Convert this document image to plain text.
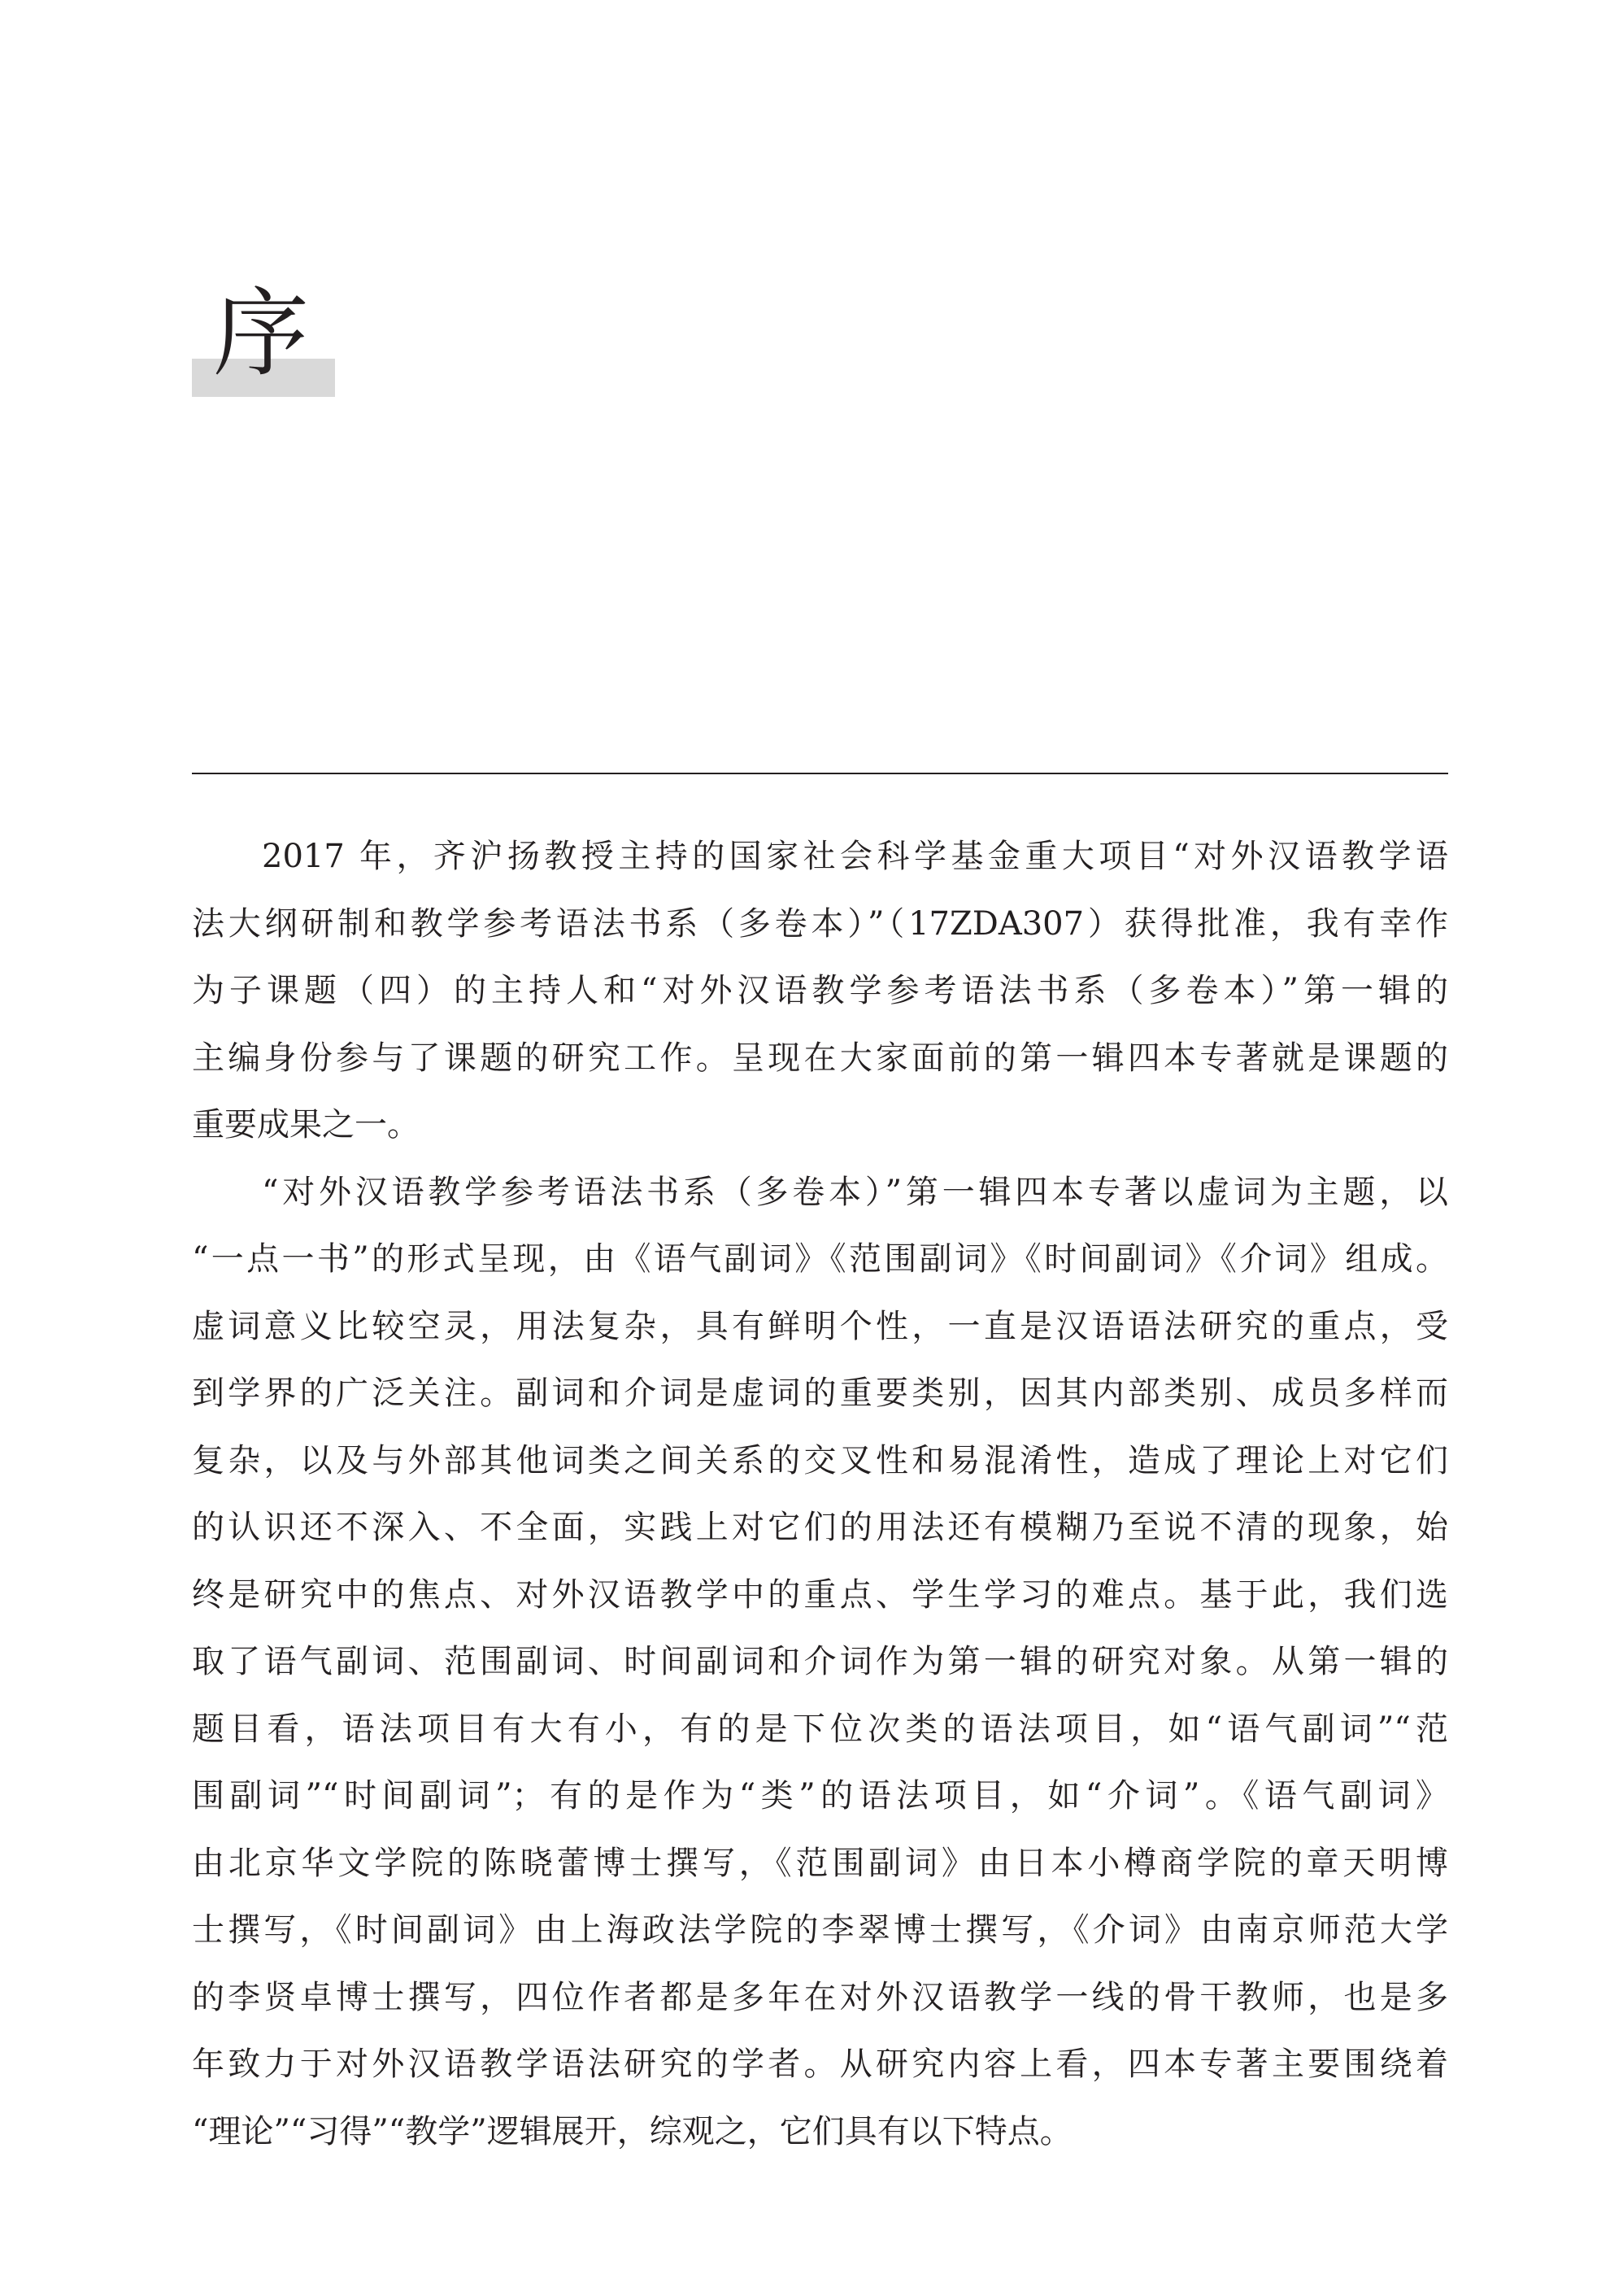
序
2017 年，齐沪扬教授主持的国家社会科学基金重大项目“对外汉语教学语
法大纲研制和教学参考语法书系（多卷本）”（17ZDA307）获得批准，我有幸作
为子课题（四）的主持人和“对外汉语教学参考语法书系（多卷本）”第一辑的
主编身份参与了课题的研究工作。呈现在大家面前的第一辑四本专著就是课题的
重要成果之一。
“对外汉语教学参考语法书系（多卷本）”第一辑四本专著以虚词为主题，以
“一点一书”的形式呈现，由《语气副词》《范围副词》《时间副词》《介词》组成。
虚词意义比较空灵，用法复杂，具有鲜明个性，一直是汉语语法研究的重点，受
到学界的广泛关注。副词和介词是虚词的重要类别，因其内部类别、成员多样而
复杂，以及与外部其他词类之间关系的交叉性和易混淆性，造成了理论上对它们
的认识还不深入、不全面，实践上对它们的用法还有模糊乃至说不清的现象，始
终是研究中的焦点、对外汉语教学中的重点、学生学习的难点。基于此，我们选
取了语气副词、范围副词、时间副词和介词作为第一辑的研究对象。从第一辑的
题目看，语法项目有大有小，有的是下位次类的语法项目，如“语气副词”“范
围副词”“时间副词”；有的是作为“类”的语法项目，如“介词”。《语气副词》
由北京华文学院的陈晓蕾博士撰写，《范围副词》由日本小樽商学院的章天明博
士撰写，《时间副词》由上海政法学院的李翠博士撰写，《介词》由南京师范大学
的李贤卓博士撰写，四位作者都是多年在对外汉语教学一线的骨干教师，也是多
年致力于对外汉语教学语法研究的学者。从研究内容上看，四本专著主要围绕着
“理论”“习得”“教学”逻辑展开，综观之，它们具有以下特点。
